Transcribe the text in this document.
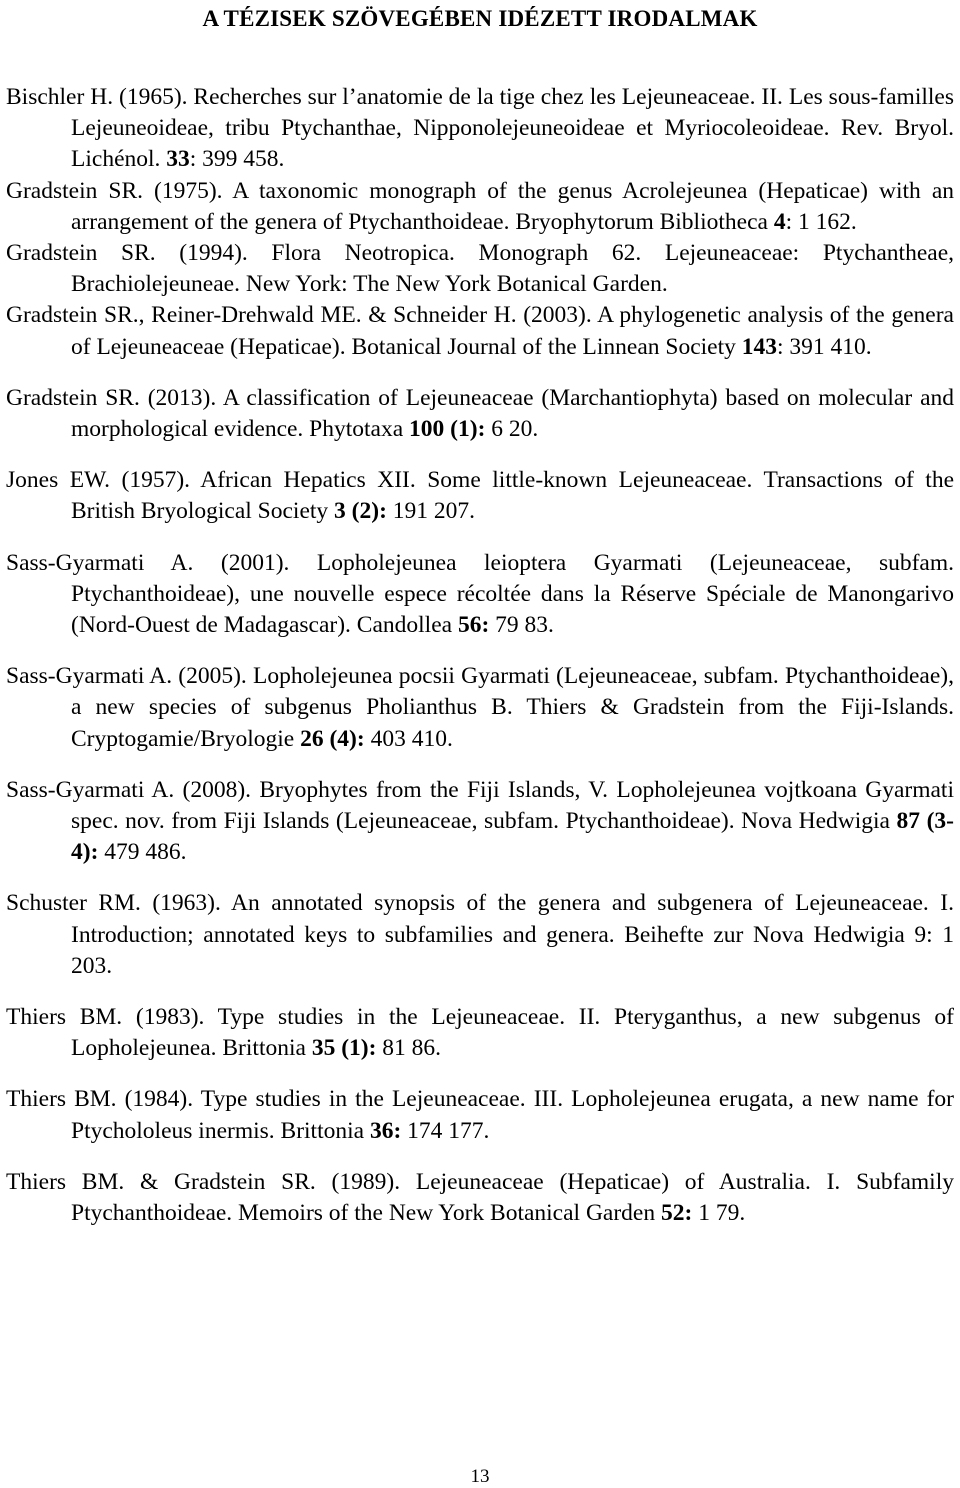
A TÉZISEK SZÖVEGÉBEN IDÉZETT IRODALMAK
Bischler H. (1965). Recherches sur l’anatomie de la tige chez les Lejeuneaceae. II. Les sous-familles Lejeuneoideae, tribu Ptychanthae, Nipponolejeuneoideae et Myriocoleoideae. Rev. Bryol. Lichénol. 33: 399 458.
Gradstein SR. (1975). A taxonomic monograph of the genus Acrolejeunea (Hepaticae) with an arrangement of the genera of Ptychanthoideae. Bryophytorum Bibliotheca 4: 1 162.
Gradstein SR. (1994). Flora Neotropica. Monograph 62. Lejeuneaceae: Ptychantheae, Brachiolejeuneae. New York: The New York Botanical Garden.
Gradstein SR., Reiner-Drehwald ME. & Schneider H. (2003). A phylogenetic analysis of the genera of Lejeuneaceae (Hepaticae). Botanical Journal of the Linnean Society 143: 391 410.
Gradstein SR. (2013). A classification of Lejeuneaceae (Marchantiophyta) based on molecular and morphological evidence. Phytotaxa 100 (1): 6 20.
Jones EW. (1957). African Hepatics XII. Some little-known Lejeuneaceae. Transactions of the British Bryological Society 3 (2): 191 207.
Sass-Gyarmati A. (2001). Lopholejeunea leioptera Gyarmati (Lejeuneaceae, subfam. Ptychanthoideae), une nouvelle espece récoltée dans la Réserve Spéciale de Manongarivo (Nord-Ouest de Madagascar). Candollea 56: 79 83.
Sass-Gyarmati A. (2005). Lopholejeunea pocsii Gyarmati (Lejeuneaceae, subfam. Ptychanthoideae), a new species of subgenus Pholianthus B. Thiers & Gradstein from the Fiji-Islands. Cryptogamie/Bryologie 26 (4): 403 410.
Sass-Gyarmati A. (2008). Bryophytes from the Fiji Islands, V. Lopholejeunea vojtkoana Gyarmati spec. nov. from Fiji Islands (Lejeuneaceae, subfam. Ptychanthoideae). Nova Hedwigia 87 (3-4): 479 486.
Schuster RM. (1963). An annotated synopsis of the genera and subgenera of Lejeuneaceae. I. Introduction; annotated keys to subfamilies and genera. Beihefte zur Nova Hedwigia 9: 1 203.
Thiers BM. (1983). Type studies in the Lejeuneaceae. II. Pteryganthus, a new subgenus of Lopholejeunea. Brittonia 35 (1): 81 86.
Thiers BM. (1984). Type studies in the Lejeuneaceae. III. Lopholejeunea erugata, a new name for Ptychololeus inermis. Brittonia 36: 174 177.
Thiers BM. & Gradstein SR. (1989). Lejeuneaceae (Hepaticae) of Australia. I. Subfamily Ptychanthoideae. Memoirs of the New York Botanical Garden 52: 1 79.
13
